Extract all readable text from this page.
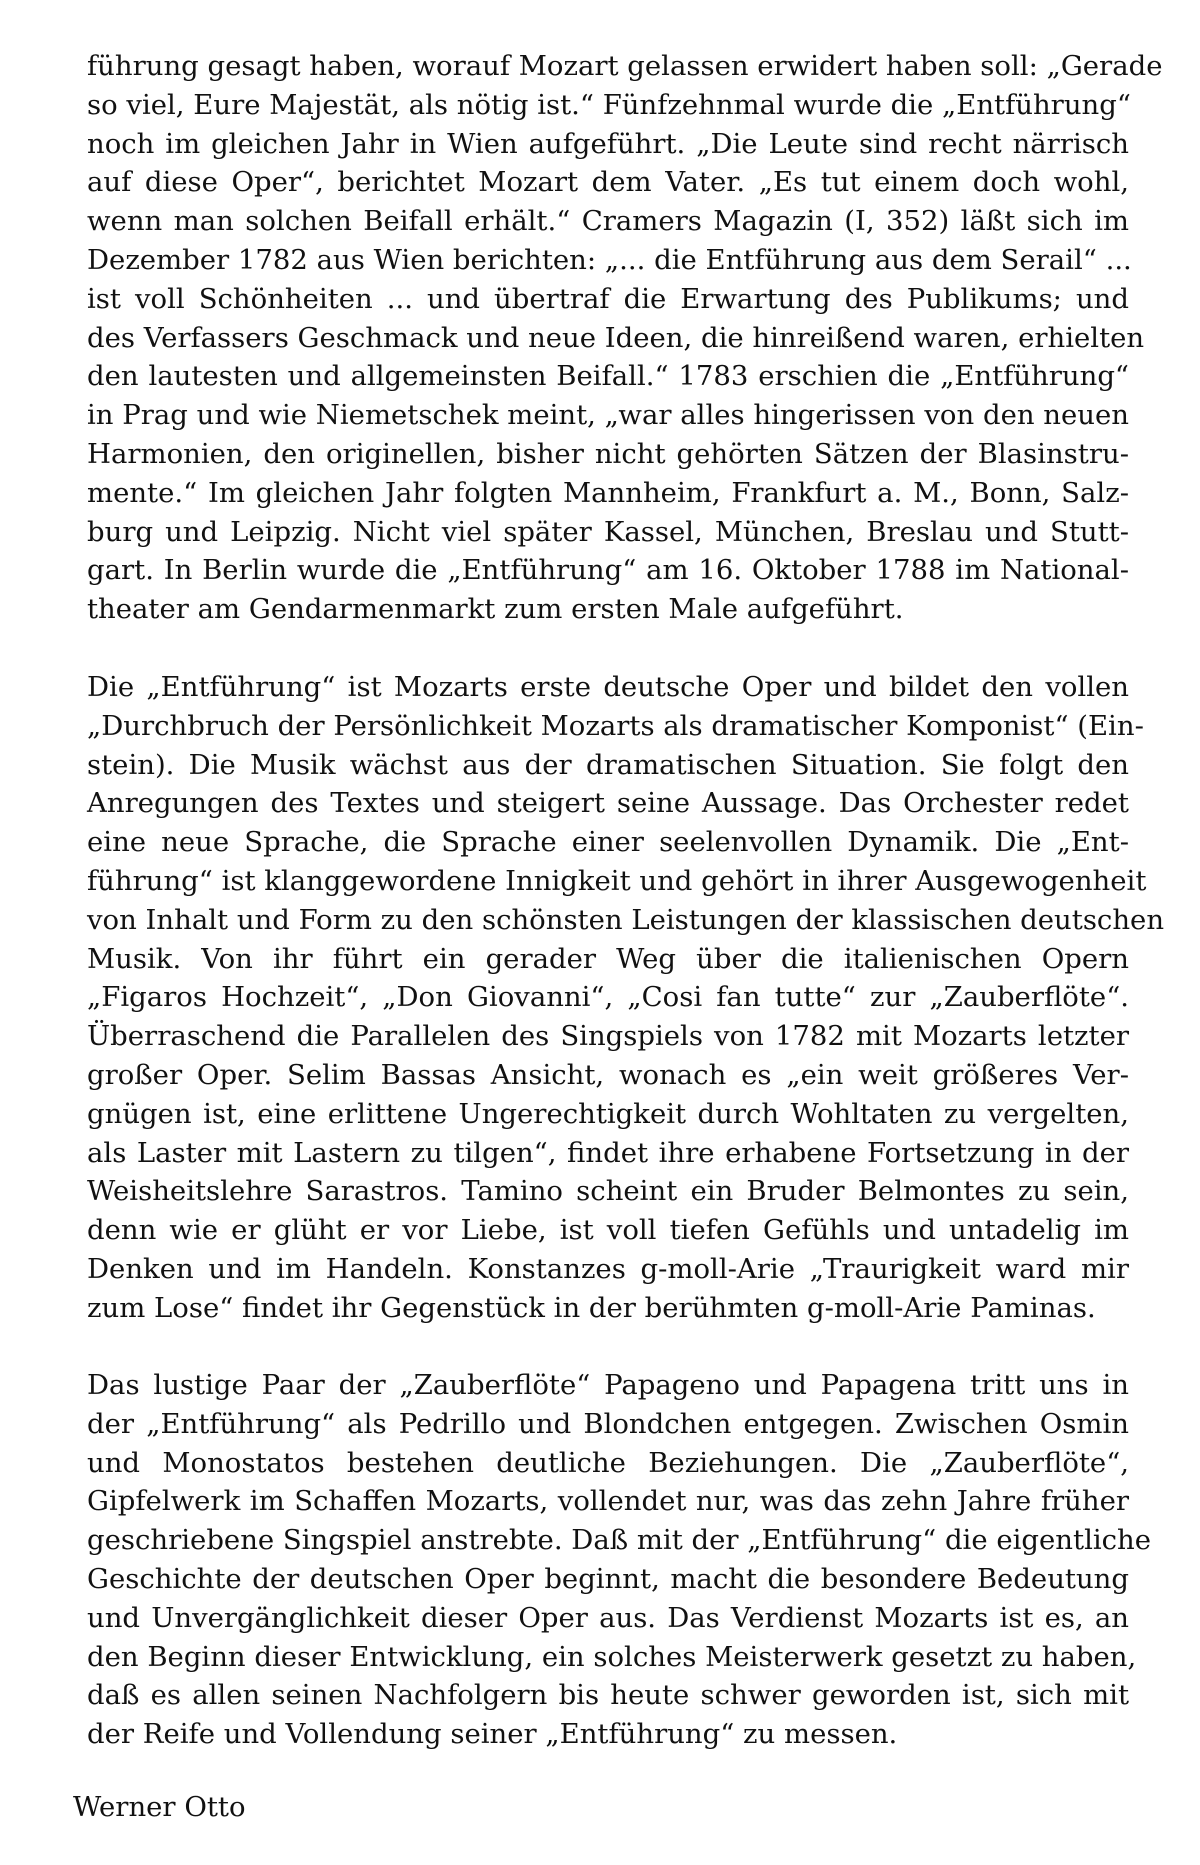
führung gesagt haben, worauf Mozart gelassen erwidert haben soll: „Gerade
so viel, Eure Majestät, als nötig ist.“ Fünfzehnmal wurde die „Entführung“
noch im gleichen Jahr in Wien aufgeführt. „Die Leute sind recht närrisch
auf diese Oper“, berichtet Mozart dem Vater. „Es tut einem doch wohl,
wenn man solchen Beifall erhält.“ Cramers Magazin (I, 352) läßt sich im
Dezember 1782 aus Wien berichten: „... die Entführung aus dem Serail“ ...
ist voll Schönheiten ... und übertraf die Erwartung des Publikums; und
des Verfassers Geschmack und neue Ideen, die hinreißend waren, erhielten
den lautesten und allgemeinsten Beifall.“ 1783 erschien die „Entführung“
in Prag und wie Niemetschek meint, „war alles hingerissen von den neuen
Harmonien, den originellen, bisher nicht gehörten Sätzen der Blasinstru-
mente.“ Im gleichen Jahr folgten Mannheim, Frankfurt a. M., Bonn, Salz-
burg und Leipzig. Nicht viel später Kassel, München, Breslau und Stutt-
gart. In Berlin wurde die „Entführung“ am 16. Oktober 1788 im National-
theater am Gendarmenmarkt zum ersten Male aufgeführt.
Die „Entführung“ ist Mozarts erste deutsche Oper und bildet den vollen
„Durchbruch der Persönlichkeit Mozarts als dramatischer Komponist“ (Ein-
stein). Die Musik wächst aus der dramatischen Situation. Sie folgt den
Anregungen des Textes und steigert seine Aussage. Das Orchester redet
eine neue Sprache, die Sprache einer seelenvollen Dynamik. Die „Ent-
führung“ ist klanggewordene Innigkeit und gehört in ihrer Ausgewogenheit
von Inhalt und Form zu den schönsten Leistungen der klassischen deutschen
Musik. Von ihr führt ein gerader Weg über die italienischen Opern
„Figaros Hochzeit“, „Don Giovanni“, „Cosi fan tutte“ zur „Zauberflöte“.
Überraschend die Parallelen des Singspiels von 1782 mit Mozarts letzter
großer Oper. Selim Bassas Ansicht, wonach es „ein weit größeres Ver-
gnügen ist, eine erlittene Ungerechtigkeit durch Wohltaten zu vergelten,
als Laster mit Lastern zu tilgen“, findet ihre erhabene Fortsetzung in der
Weisheitslehre Sarastros. Tamino scheint ein Bruder Belmontes zu sein,
denn wie er glüht er vor Liebe, ist voll tiefen Gefühls und untadelig im
Denken und im Handeln. Konstanzes g-moll-Arie „Traurigkeit ward mir
zum Lose“ findet ihr Gegenstück in der berühmten g-moll-Arie Paminas.
Das lustige Paar der „Zauberflöte“ Papageno und Papagena tritt uns in
der „Entführung“ als Pedrillo und Blondchen entgegen. Zwischen Osmin
und Monostatos bestehen deutliche Beziehungen. Die „Zauberflöte“,
Gipfelwerk im Schaffen Mozarts, vollendet nur, was das zehn Jahre früher
geschriebene Singspiel anstrebte. Daß mit der „Entführung“ die eigentliche
Geschichte der deutschen Oper beginnt, macht die besondere Bedeutung
und Unvergänglichkeit dieser Oper aus. Das Verdienst Mozarts ist es, an
den Beginn dieser Entwicklung, ein solches Meisterwerk gesetzt zu haben,
daß es allen seinen Nachfolgern bis heute schwer geworden ist, sich mit
der Reife und Vollendung seiner „Entführung“ zu messen.
Werner Otto
